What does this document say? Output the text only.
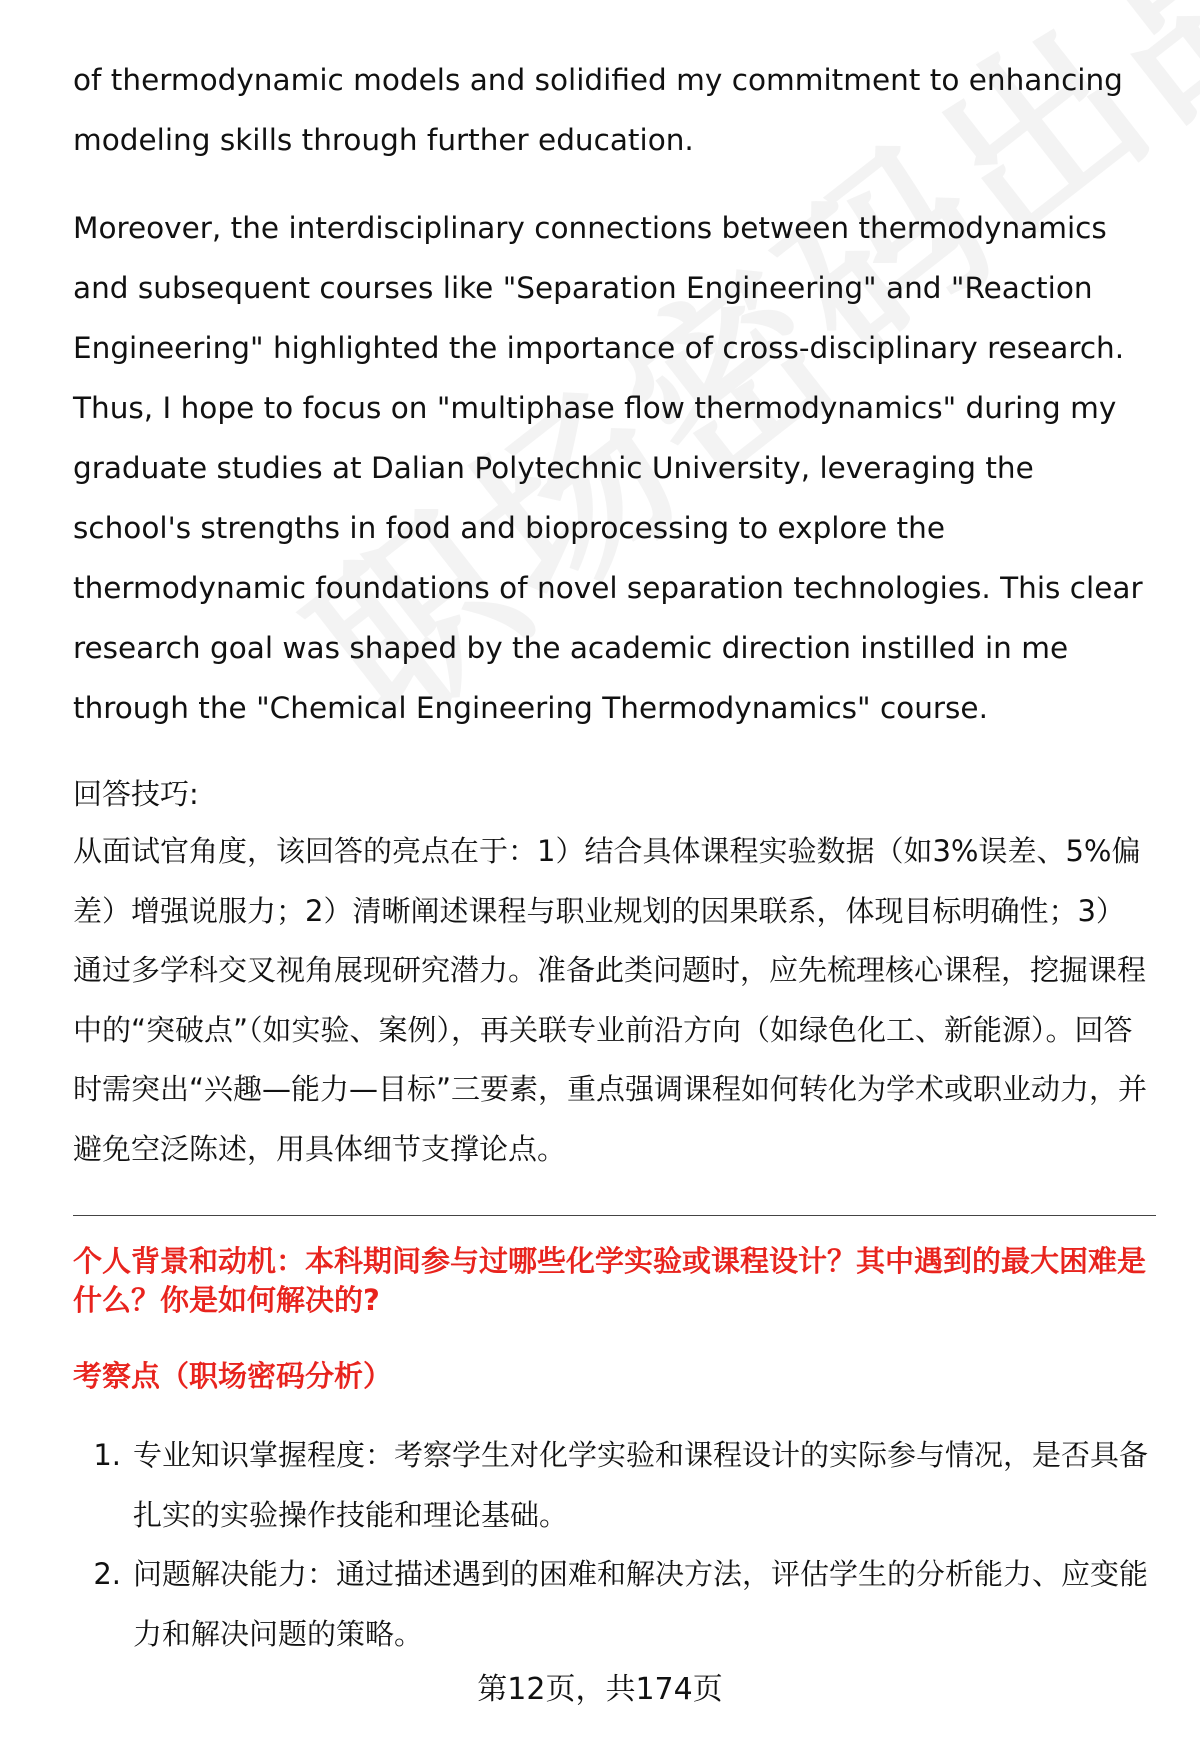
of thermodynamic models and solidified my commitment to enhancing modeling skills through further education.

Moreover, the interdisciplinary connections between thermodynamics and subsequent courses like "Separation Engineering" and "Reaction Engineering" highlighted the importance of cross-disciplinary research. Thus, I hope to focus on "multiphase flow thermodynamics" during my graduate studies at Dalian Polytechnic University, leveraging the school's strengths in food and bioprocessing to explore the thermodynamic foundations of novel separation technologies. This clear research goal was shaped by the academic direction instilled in me through the "Chemical Engineering Thermodynamics" course.

回答技巧:

从面试官角度，该回答的亮点在于：1）结合具体课程实验数据（如3%误差、5%偏差）增强说服力；2）清晰阐述课程与职业规划的因果联系，体现目标明确性；3）通过多学科交叉视角展现研究潜力。准备此类问题时，应先梳理核心课程，挖掘课程中的“突破点”（如实验、案例），再关联专业前沿方向（如绿色化工、新能源）。回答时需突出“兴趣—能力—目标”三要素，重点强调课程如何转化为学术或职业动力，并避免空泛陈述，用具体细节支撑论点。

个人背景和动机：本科期间参与过哪些化学实验或课程设计？其中遇到的最大困难是什么？你是如何解决的?
考察点（职场密码分析）
1. 专业知识掌握程度：考察学生对化学实验和课程设计的实际参与情况，是否具备扎实的实验操作技能和理论基础。
2. 问题解决能力：通过描述遇到的困难和解决方法，评估学生的分析能力、应变能力和解决问题的策略。
第12页，共174页
